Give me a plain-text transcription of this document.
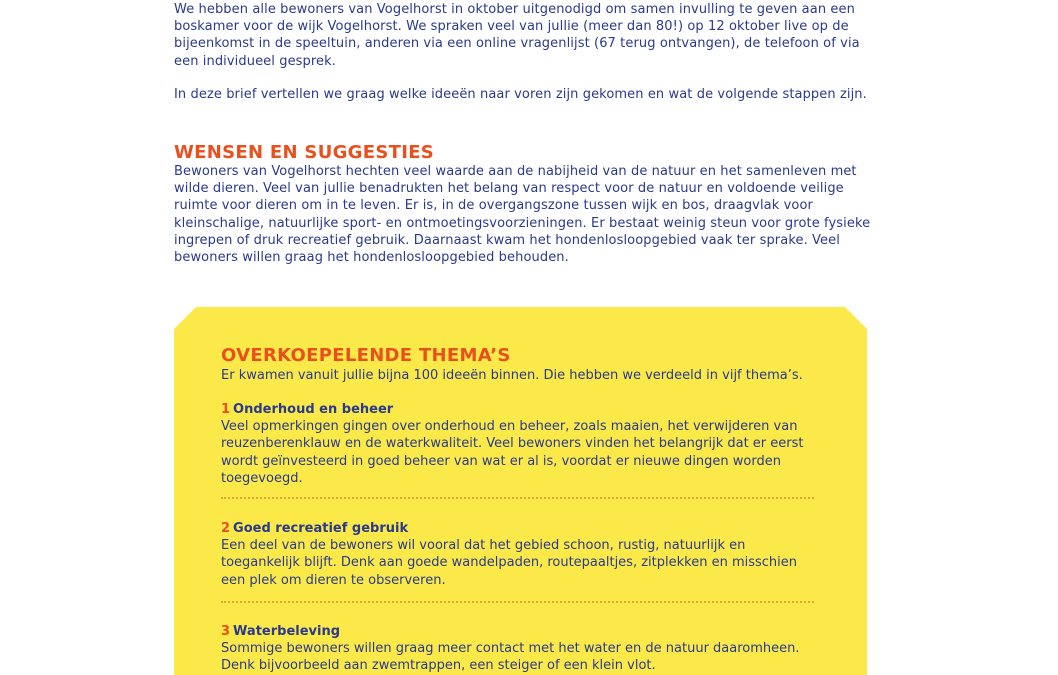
We hebben alle bewoners van Vogelhorst in oktober uitgenodigd om samen invulling te geven aan een
boskamer voor de wijk Vogelhorst. We spraken veel van jullie (meer dan 80!) op 12 oktober live op de
bijeenkomst in de speeltuin, anderen via een online vragenlijst (67 terug ontvangen), de telefoon of via
een individueel gesprek.
In deze brief vertellen we graag welke ideeën naar voren zijn gekomen en wat de volgende stappen zijn.
WENSEN EN SUGGESTIES
Bewoners van Vogelhorst hechten veel waarde aan de nabijheid van de natuur en het samenleven met
wilde dieren. Veel van jullie benadrukten het belang van respect voor de natuur en voldoende veilige
ruimte voor dieren om in te leven. Er is, in de overgangszone tussen wijk en bos, draagvlak voor
kleinschalige, natuurlijke sport- en ontmoetingsvoorzieningen. Er bestaat weinig steun voor grote fysieke
ingrepen of druk recreatief gebruik. Daarnaast kwam het hondenlosloopgebied vaak ter sprake. Veel
bewoners willen graag het hondenlosloopgebied behouden.
OVERKOEPELENDE THEMA’S
Er kwamen vanuit jullie bijna 100 ideeën binnen. Die hebben we verdeeld in vijf thema’s.
1 Onderhoud en beheer
Veel opmerkingen gingen over onderhoud en beheer, zoals maaien, het verwijderen van
reuzenberenklauw en de waterkwaliteit. Veel bewoners vinden het belangrijk dat er eerst
wordt geïnvesteerd in goed beheer van wat er al is, voordat er nieuwe dingen worden
toegevoegd.
2 Goed recreatief gebruik
Een deel van de bewoners wil vooral dat het gebied schoon, rustig, natuurlijk en
toegankelijk blijft. Denk aan goede wandelpaden, routepaaltjes, zitplekken en misschien
een plek om dieren te observeren.
3 Waterbeleving
Sommige bewoners willen graag meer contact met het water en de natuur daaromheen.
Denk bijvoorbeeld aan zwemtrappen, een steiger of een klein vlot.
